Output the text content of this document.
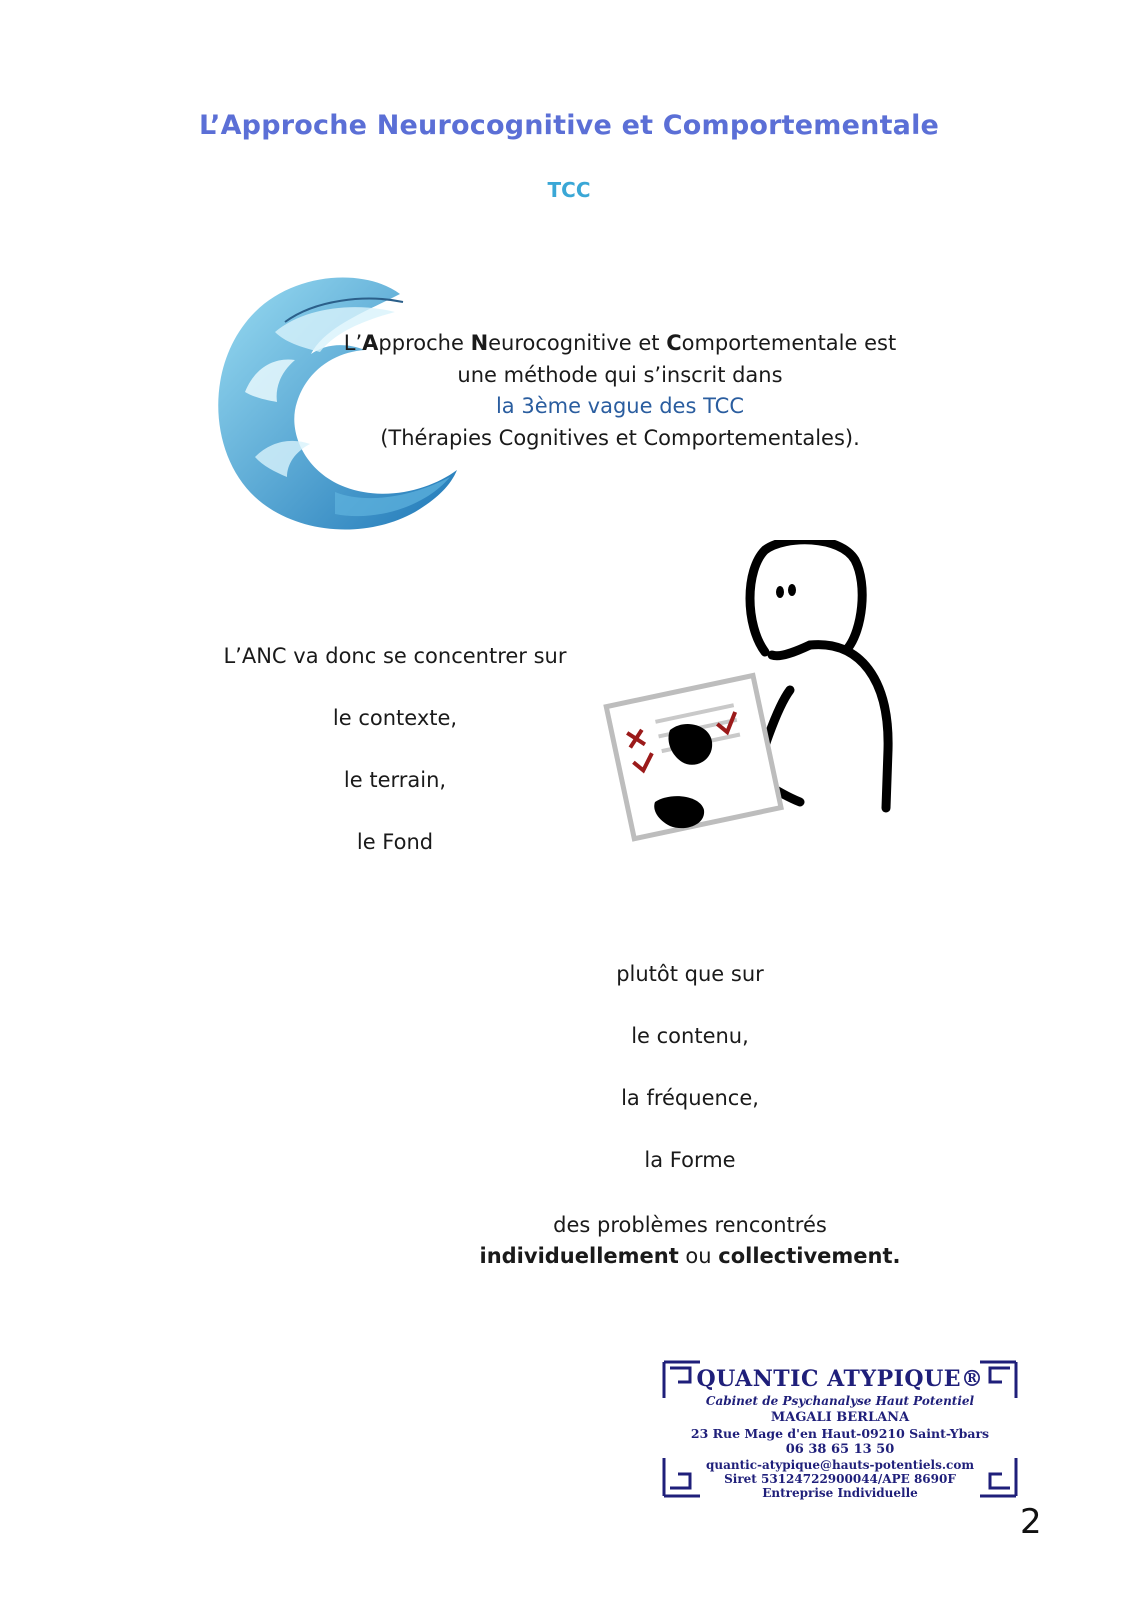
L’Approche Neurocognitive et Comportementale
TCC
L’Approche Neurocognitive et Comportementale est
une méthode qui s’inscrit dans
la 3ème vague des TCC
(Thérapies Cognitives et Comportementales).
L’ANC va donc se concentrer sur
le contexte,
le terrain,
le Fond
plutôt que sur
le contenu,
la fréquence,
la Forme
des problèmes rencontrés
individuellement ou collectivement.
QUANTIC ATYPIQUE®
Cabinet de Psychanalyse Haut Potentiel
MAGALI BERLANA
23 Rue Mage d'en Haut-09210 Saint-Ybars
06 38 65 13 50
quantic-atypique@hauts-potentiels.com
Siret 53124722900044/APE 8690F
Entreprise Individuelle
2
